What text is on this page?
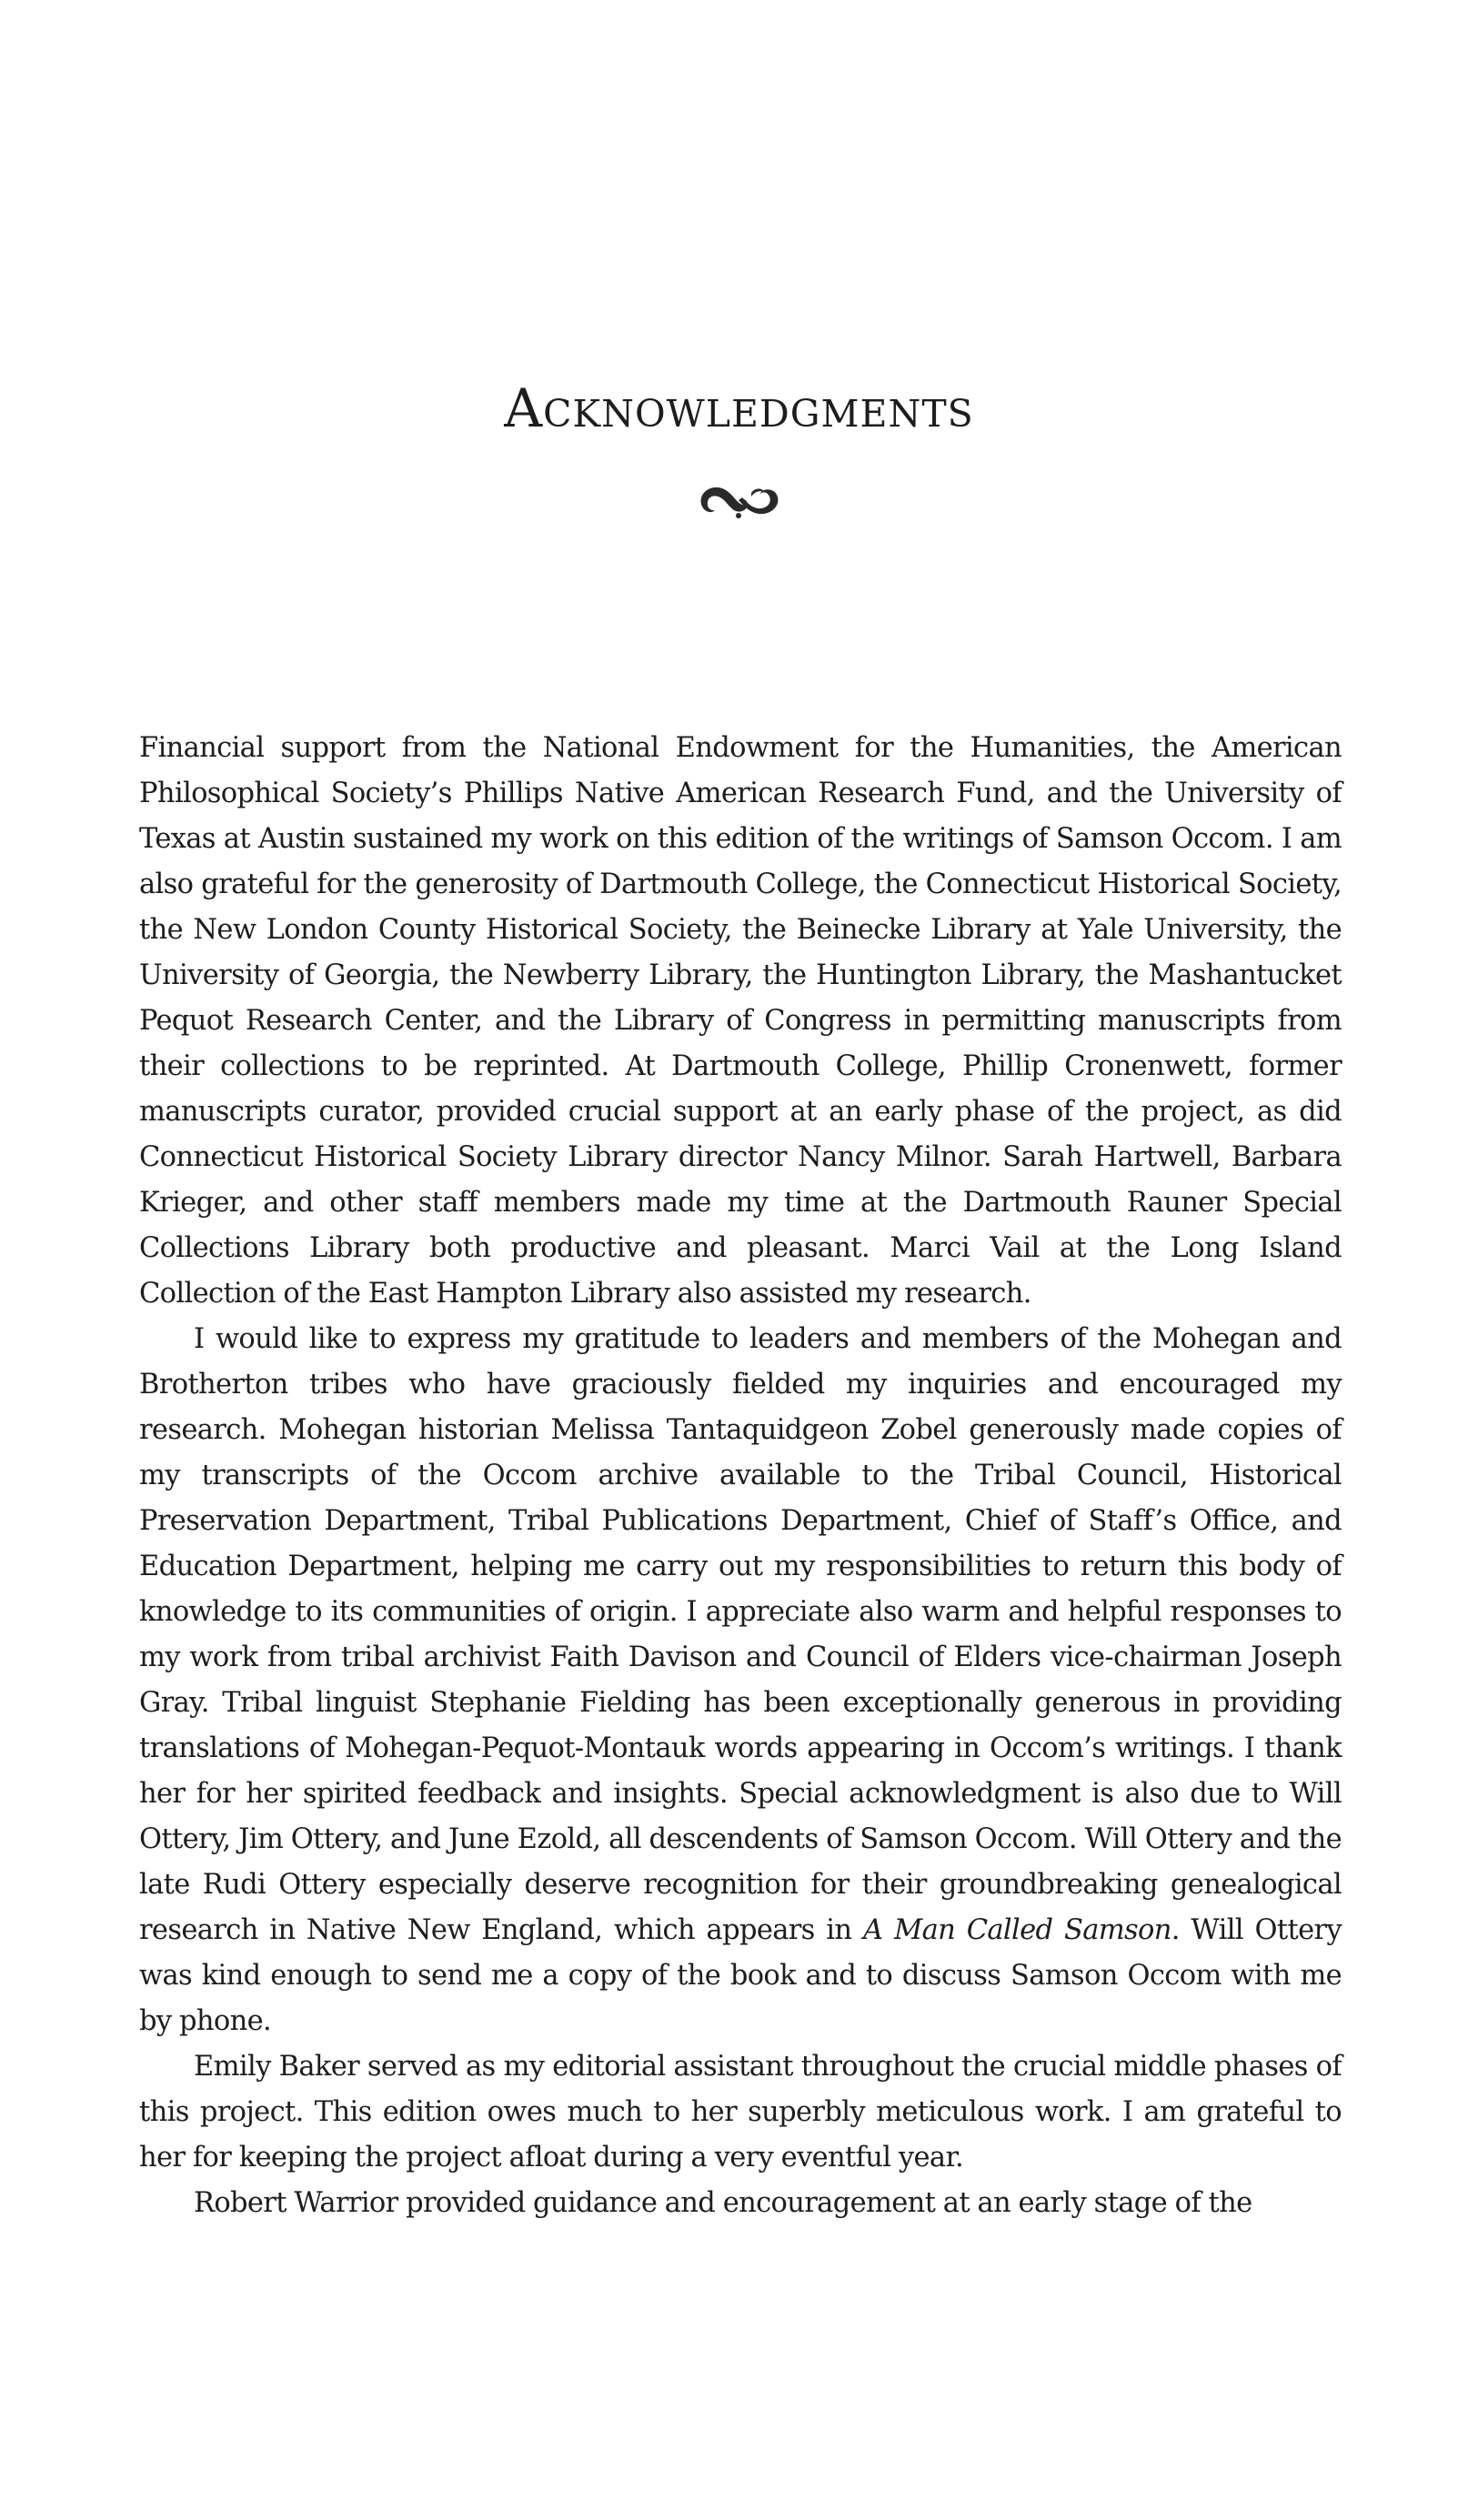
Acknowledgments

Financial support from the National Endowment for the Humanities, the American Philosophical Society’s Phillips Native American Research Fund, and the University of Texas at Austin sustained my work on this edition of the writings of Samson Occom. I am also grateful for the generosity of Dartmouth College, the Connecticut Historical Society, the New London County Historical Society, the Beinecke Library at Yale University, the University of Georgia, the Newberry Library, the Huntington Library, the Mashantucket Pequot Research Center, and the Library of Congress in permitting manuscripts from their collections to be reprinted. At Dartmouth College, Phillip Cronenwett, former manuscripts curator, provided crucial support at an early phase of the project, as did Connecticut Historical Society Library director Nancy Milnor. Sarah Hartwell, Barbara Krieger, and other staff members made my time at the Dartmouth Rauner Special Collections Library both productive and pleasant. Marci Vail at the Long Island Collection of the East Hampton Library also assisted my research.

I would like to express my gratitude to leaders and members of the Mohegan and Brotherton tribes who have graciously fielded my inquiries and encouraged my research. Mohegan historian Melissa Tantaquidgeon Zobel generously made copies of my transcripts of the Occom archive available to the Tribal Council, Historical Preservation Department, Tribal Publications Department, Chief of Staff’s Office, and Education Department, helping me carry out my responsibilities to return this body of knowledge to its communities of origin. I appreciate also warm and helpful responses to my work from tribal archivist Faith Davison and Council of Elders vice-chairman Joseph Gray. Tribal linguist Stephanie Fielding has been exceptionally generous in providing translations of Mohegan-Pequot-Montauk words appearing in Occom’s writings. I thank her for her spirited feedback and insights. Special acknowledgment is also due to Will Ottery, Jim Ottery, and June Ezold, all descendents of Samson Occom. Will Ottery and the late Rudi Ottery especially deserve recognition for their groundbreaking genealogical research in Native New England, which appears in A Man Called Samson. Will Ottery was kind enough to send me a copy of the book and to discuss Samson Occom with me by phone.

Emily Baker served as my editorial assistant throughout the crucial middle phases of this project. This edition owes much to her superbly meticulous work. I am grateful to her for keeping the project afloat during a very eventful year.

Robert Warrior provided guidance and encouragement at an early stage of the
